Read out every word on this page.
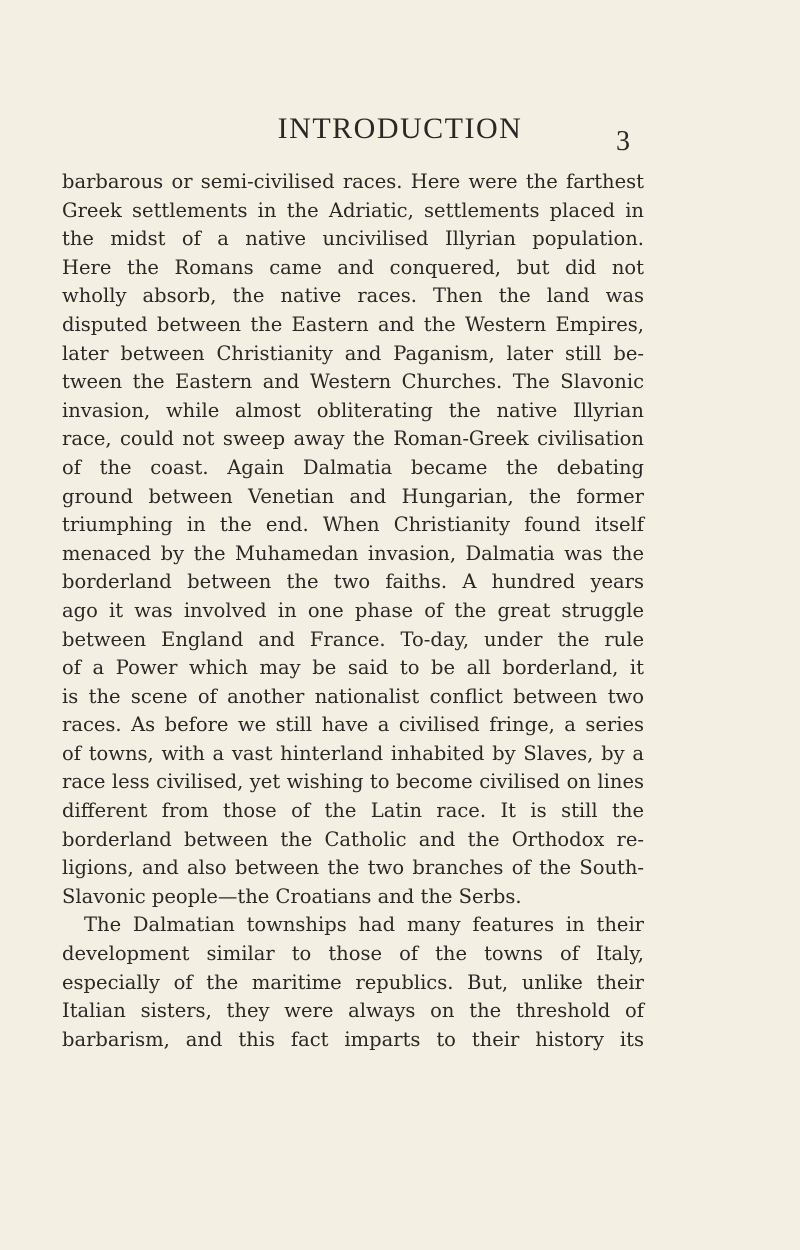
INTRODUCTION	3
barbarous or semi-civilised races. Here were the farthest
Greek settlements in the Adriatic, settlements placed in
the midst of a native uncivilised Illyrian population.
Here the Romans came and conquered, but did not
wholly absorb, the native races. Then the land was
disputed between the Eastern and the Western Empires,
later between Christianity and Paganism, later still be-
tween the Eastern and Western Churches. The Slavonic
invasion, while almost obliterating the native Illyrian
race, could not sweep away the Roman-Greek civilisation
of the coast. Again Dalmatia became the debating
ground between Venetian and Hungarian, the former
triumphing in the end. When Christianity found itself
menaced by the Muhamedan invasion, Dalmatia was the
borderland between the two faiths. A hundred years
ago it was involved in one phase of the great struggle
between England and France. To-day, under the rule
of a Power which may be said to be all borderland, it
is the scene of another nationalist conflict between two
races. As before we still have a civilised fringe, a series
of towns, with a vast hinterland inhabited by Slaves, by a
race less civilised, yet wishing to become civilised on lines
different from those of the Latin race. It is still the
borderland between the Catholic and the Orthodox re-
ligions, and also between the two branches of the South-
Slavonic people—the Croatians and the Serbs.
The Dalmatian townships had many features in their
development similar to those of the towns of Italy,
especially of the maritime republics. But, unlike their
Italian sisters, they were always on the threshold of
barbarism, and this fact imparts to their history its
